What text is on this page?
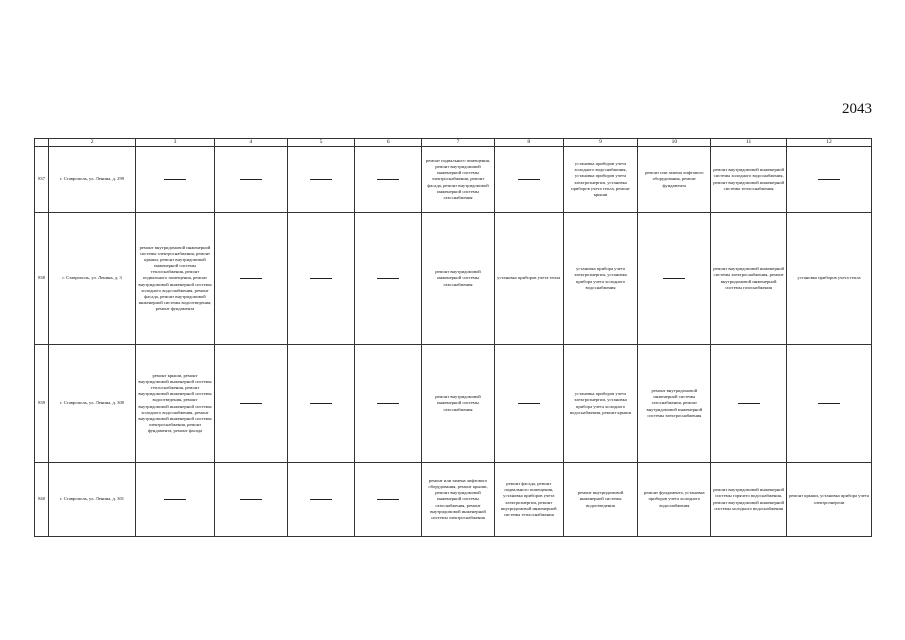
2043
	2	3	4	5	6	7	8	9	10	11	12
837	г. Ставрополь, ул. Ленина, д. 299					ремонт подвального помещения, ремонт внутридомовой инженерной системы электроснабжения, ремонт фасада, ремонт внутридомовой инженерной системы газоснабжения		установка приборов учета холодного водоснабжения, установка приборов учета электроэнергии, установка приборов учета тепла, ремонт крыши	ремонт или замена лифтового оборудования, ремонт фундамента	ремонт внутридомовой инженерной системы холодного водоснабжения, ремонт внутридомовой инженерной системы теплоснабжения	
838	г. Ставрополь, ул. Ленина, д. 3	ремонт внутридомовой инженерной системы электроснабжения, ремонт крыши, ремонт внутридомовой инженерной системы теплоснабжения, ремонт подвального помещения, ремонт внутридомовой инженерной системы холодного водоснабжения, ремонт фасада, ремонт внутридомовой инженерной системы водоотведения, ремонт фундамента				ремонт внутридомовой инженерной системы газоснабжения	установка приборов учета тепла	установка прибора учета электроэнергии, установка прибора учета холодного водоснабжения		ремонт внутридомовой инженерной системы электроснабжения, ремонт внутридомовой инженерной системы газоснабжения	установка приборов учета тепла
839	г. Ставрополь, ул. Ленина, д. 300	ремонт крыши, ремонт внутридомовой инженерной системы теплоснабжения, ремонт внутридомовой инженерной системы водоотведения, ремонт внутридомовой инженерной системы холодного водоснабжения, ремонт внутридомовой инженерной системы электроснабжения, ремонт фундамента, ремонт фасада				ремонт внутридомовой инженерной системы газоснабжения		установка приборов учета электроэнергии, установка прибора учета холодного водоснабжения, ремонт крыши	ремонт внутридомовой инженерной системы газоснабжения, ремонт внутридомовой инженерной системы электроснабжения		
840	г. Ставрополь, ул. Ленина, д. 301					ремонт или замена лифтового оборудования, ремонт крыши, ремонт внутридомовой инженерной системы газоснабжения, ремонт внутридомовой инженерной системы электроснабжения	ремонт фасада, ремонт подвального помещения, установка приборов учета электроэнергии, ремонт внутридомовой инженерной системы теплоснабжения	ремонт внутридомовой инженерной системы водоотведения	ремонт фундамента, установка приборов учета холодного водоснабжения	ремонт внутридомовой инженерной системы горячего водоснабжения, ремонт внутридомовой инженерной системы холодного водоснабжения	ремонт крыши, установка прибора учета электроэнергии
